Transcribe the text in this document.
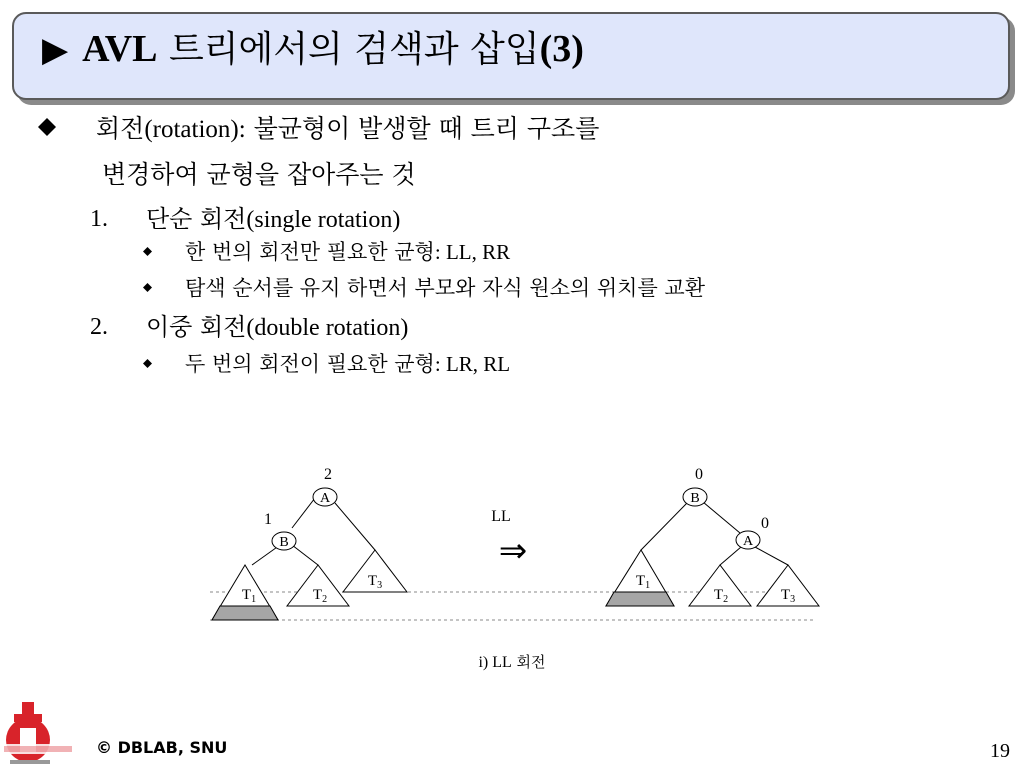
▶ AVL 트리에서의 검색과 삽입(3)
회전(rotation): 불균형이 발생할 때 트리 구조를
변경하여 균형을 잡아주는 것
1. 단순 회전(single rotation)
한 번의 회전만 필요한 균형: LL, RR
탐색 순서를 유지 하면서 부모와 자식 원소의 위치를 교환
2. 이중 회전(double rotation)
두 번의 회전이 필요한 균형: LR, RL
A
B
2
1
$T_1$	$T_2$
$T_3$
LL
⇒
B
A
0
0
$T_1$
$T_2$	$T_3$
i) LL 회전
© DBLAB, SNU	19
